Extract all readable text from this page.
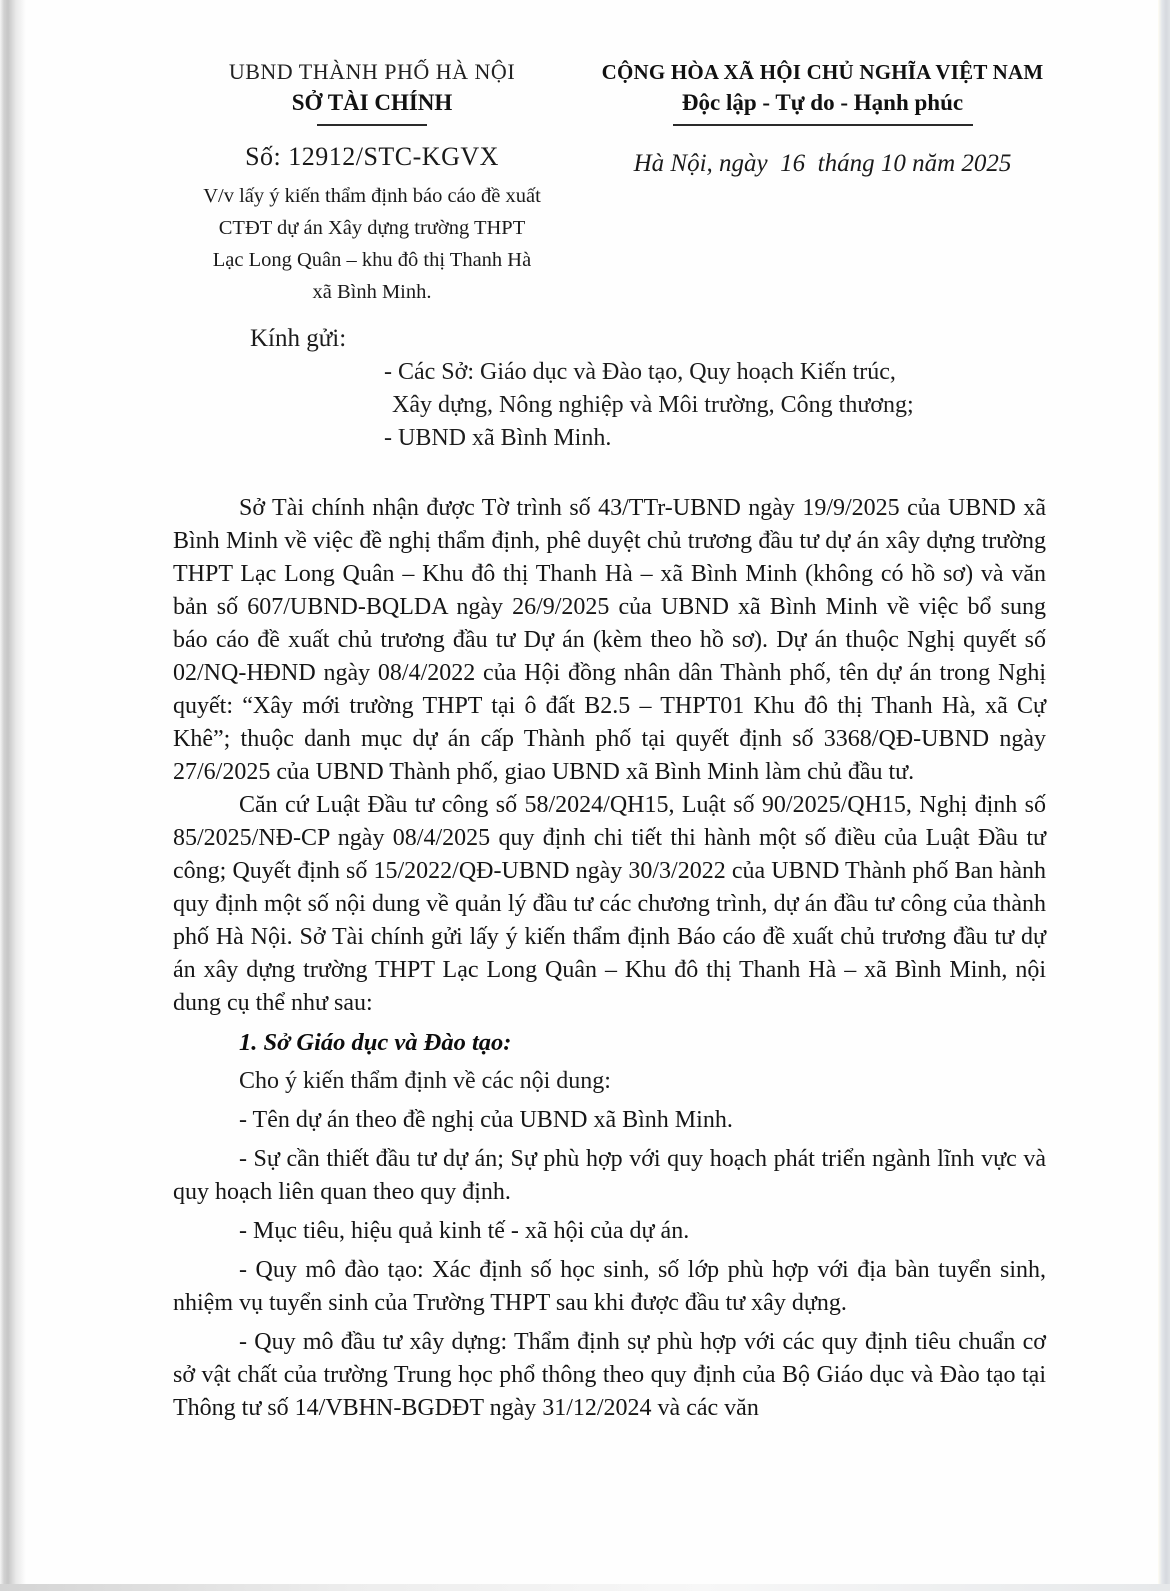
UBND THÀNH PHỐ HÀ NỘI
SỞ TÀI CHÍNH
Số: 12912/STC-KGVX
V/v lấy ý kiến thẩm định báo cáo đề xuất
CTĐT dự án Xây dựng trường THPT
Lạc Long Quân – khu đô thị Thanh Hà
xã Bình Minh.
CỘNG HÒA XÃ HỘI CHỦ NGHĨA VIỆT NAM
Độc lập - Tự do - Hạnh phúc
Hà Nội, ngày  16  tháng 10 năm 2025
Kính gửi:
- Các Sở: Giáo dục và Đào tạo, Quy hoạch Kiến trúc,
Xây dựng, Nông nghiệp và Môi trường, Công thương;
- UBND xã Bình Minh.

Sở Tài chính nhận được Tờ trình số 43/TTr-UBND ngày 19/9/2025 của UBND xã Bình Minh về việc đề nghị thẩm định, phê duyệt chủ trương đầu tư dự án xây dựng trường THPT Lạc Long Quân – Khu đô thị Thanh Hà – xã Bình Minh (không có hồ sơ) và văn bản số 607/UBND-BQLDA ngày 26/9/2025 của UBND xã Bình Minh về việc bổ sung báo cáo đề xuất chủ trương đầu tư Dự án (kèm theo hồ sơ). Dự án thuộc Nghị quyết số 02/NQ-HĐND ngày 08/4/2022 của Hội đồng nhân dân Thành phố, tên dự án trong Nghị quyết: “Xây mới trường THPT tại ô đất B2.5 – THPT01 Khu đô thị Thanh Hà, xã Cự Khê”; thuộc danh mục dự án cấp Thành phố tại quyết định số 3368/QĐ-UBND ngày 27/6/2025 của UBND Thành phố, giao UBND xã Bình Minh làm chủ đầu tư.

Căn cứ Luật Đầu tư công số 58/2024/QH15, Luật số 90/2025/QH15, Nghị định số 85/2025/NĐ-CP ngày 08/4/2025 quy định chi tiết thi hành một số điều của Luật Đầu tư công; Quyết định số 15/2022/QĐ-UBND ngày 30/3/2022 của UBND Thành phố Ban hành quy định một số nội dung về quản lý đầu tư các chương trình, dự án đầu tư công của thành phố Hà Nội. Sở Tài chính gửi lấy ý kiến thẩm định Báo cáo đề xuất chủ trương đầu tư dự án xây dựng trường THPT Lạc Long Quân – Khu đô thị Thanh Hà – xã Bình Minh, nội dung cụ thể như sau:

1. Sở Giáo dục và Đào tạo:

Cho ý kiến thẩm định về các nội dung:

- Tên dự án theo đề nghị của UBND xã Bình Minh.

- Sự cần thiết đầu tư dự án; Sự phù hợp với quy hoạch phát triển ngành lĩnh vực và quy hoạch liên quan theo quy định.

- Mục tiêu, hiệu quả kinh tế - xã hội của dự án.

- Quy mô đào tạo: Xác định số học sinh, số lớp phù hợp với địa bàn tuyển sinh, nhiệm vụ tuyển sinh của Trường THPT sau khi được đầu tư xây dựng.

- Quy mô đầu tư xây dựng: Thẩm định sự phù hợp với các quy định tiêu chuẩn cơ sở vật chất của trường Trung học phổ thông theo quy định của Bộ Giáo dục và Đào tạo tại Thông tư số 14/VBHN-BGDĐT ngày 31/12/2024 và các văn
